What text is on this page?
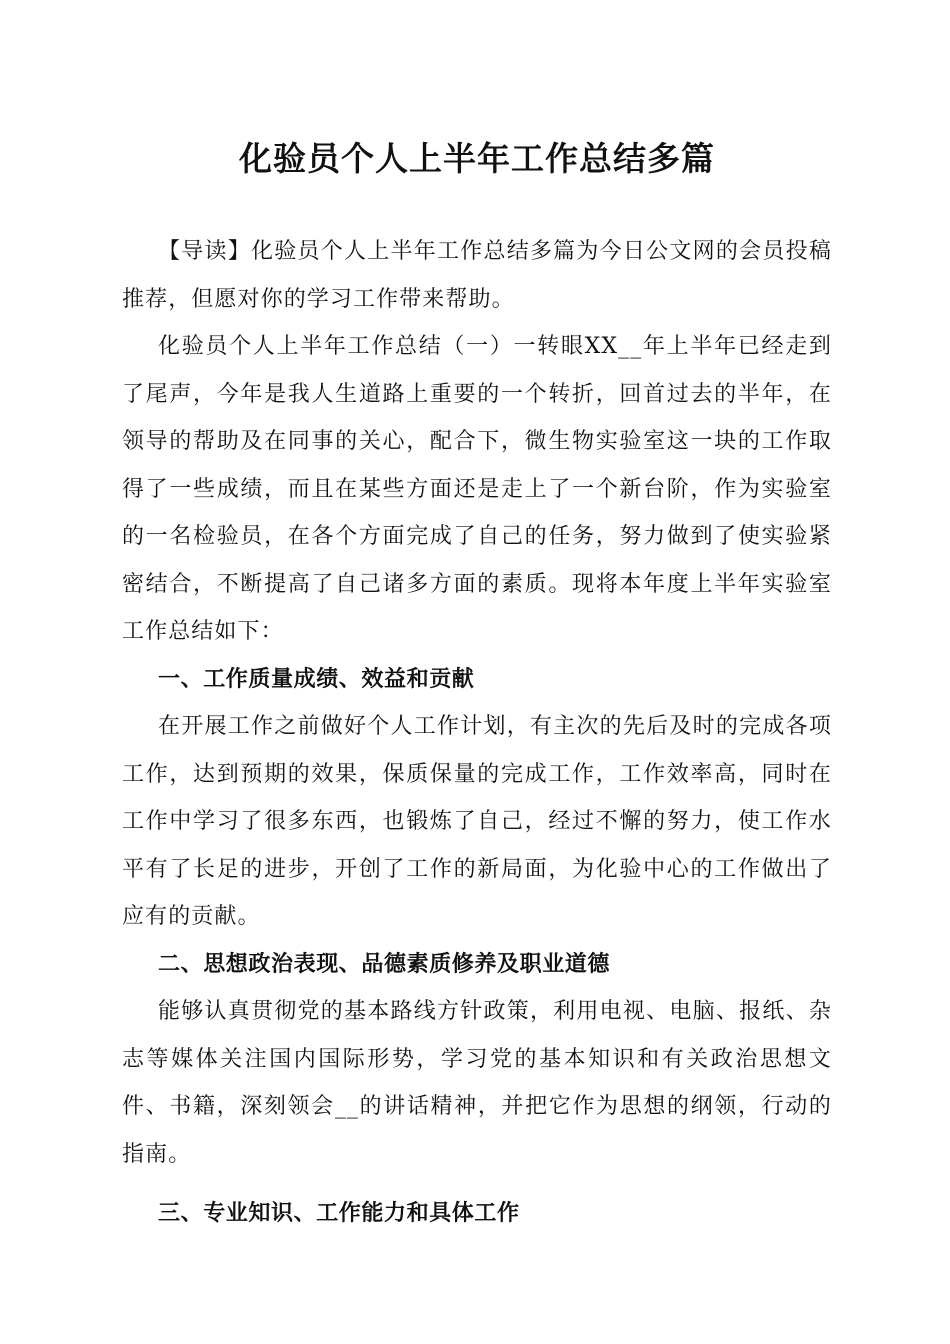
化验员个人上半年工作总结多篇

【导读】化验员个人上半年工作总结多篇为今日公文网的会员投稿推荐，但愿对你的学习工作带来帮助。

化验员个人上半年工作总结（一）一转眼XX__年上半年已经走到了尾声，今年是我人生道路上重要的一个转折，回首过去的半年，在领导的帮助及在同事的关心，配合下，微生物实验室这一块的工作取得了一些成绩，而且在某些方面还是走上了一个新台阶，作为实验室的一名检验员，在各个方面完成了自己的任务，努力做到了使实验紧密结合，不断提高了自己诸多方面的素质。现将本年度上半年实验室工作总结如下：

一、工作质量成绩、效益和贡献

在开展工作之前做好个人工作计划，有主次的先后及时的完成各项工作，达到预期的效果，保质保量的完成工作，工作效率高，同时在工作中学习了很多东西，也锻炼了自己，经过不懈的努力，使工作水平有了长足的进步，开创了工作的新局面，为化验中心的工作做出了应有的贡献。

二、思想政治表现、品德素质修养及职业道德

能够认真贯彻党的基本路线方针政策，利用电视、电脑、报纸、杂志等媒体关注国内国际形势，学习党的基本知识和有关政治思想文件、书籍，深刻领会__的讲话精神，并把它作为思想的纲领，行动的指南。

三、专业知识、工作能力和具体工作
